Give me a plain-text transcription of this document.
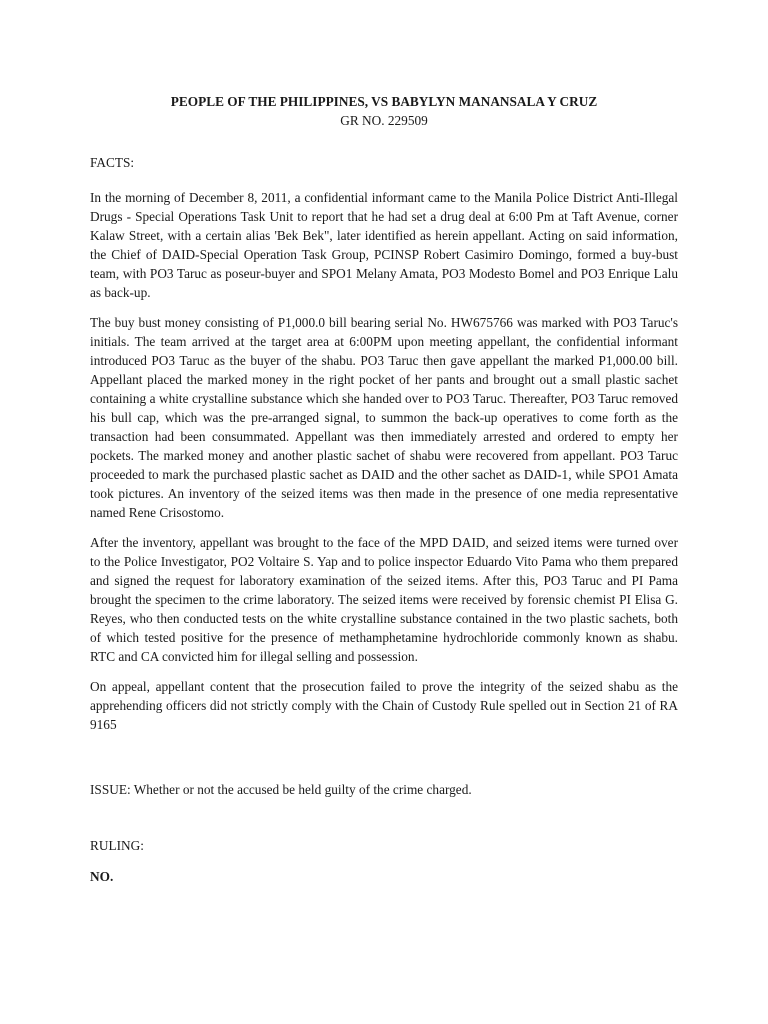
PEOPLE OF THE PHILIPPINES, VS BABYLYN MANANSALA Y CRUZ

GR NO. 229509

FACTS:

In the morning of December 8, 2011, a confidential informant came to the Manila Police District Anti-Illegal Drugs - Special Operations Task Unit to report that he had set a drug deal at 6:00 Pm at Taft Avenue, corner Kalaw Street, with a certain alias 'Bek Bek", later identified as herein appellant. Acting on said information, the Chief of DAID-Special Operation Task Group, PCINSP Robert Casimiro Domingo, formed a buy-bust team, with PO3 Taruc as poseur-buyer and SPO1 Melany Amata, PO3 Modesto Bomel and PO3 Enrique Lalu as back-up.

The buy bust money consisting of P1,000.0 bill bearing serial No. HW675766 was marked with PO3 Taruc's initials. The team arrived at the target area at 6:00PM upon meeting appellant, the confidential informant introduced PO3 Taruc as the buyer of the shabu. PO3 Taruc then gave appellant the marked P1,000.00 bill. Appellant placed the marked money in the right pocket of her pants and brought out a small plastic sachet containing a white crystalline substance which she handed over to PO3 Taruc. Thereafter, PO3 Taruc removed his bull cap, which was the pre-arranged signal, to summon the back-up operatives to come forth as the transaction had been consummated. Appellant was then immediately arrested and ordered to empty her pockets. The marked money and another plastic sachet of shabu were recovered from appellant. PO3 Taruc proceeded to mark the purchased plastic sachet as DAID and the other sachet as DAID-1, while SPO1 Amata took pictures. An inventory of the seized items was then made in the presence of one media representative named Rene Crisostomo.

After the inventory, appellant was brought to the face of the MPD DAID, and seized items were turned over to the Police Investigator, PO2 Voltaire S. Yap and to police inspector Eduardo Vito Pama who them prepared and signed the request for laboratory examination of the seized items. After this, PO3 Taruc and PI Pama brought the specimen to the crime laboratory. The seized items were received by forensic chemist PI Elisa G. Reyes, who then conducted tests on the white crystalline substance contained in the two plastic sachets, both of which tested positive for the presence of methamphetamine hydrochloride commonly known as shabu. RTC and CA convicted him for illegal selling and possession.

On appeal, appellant content that the prosecution failed to prove the integrity of the seized shabu as the apprehending officers did not strictly comply with the Chain of Custody Rule spelled out in Section 21 of RA 9165

ISSUE: Whether or not the accused be held guilty of the crime charged.

RULING:

NO.
